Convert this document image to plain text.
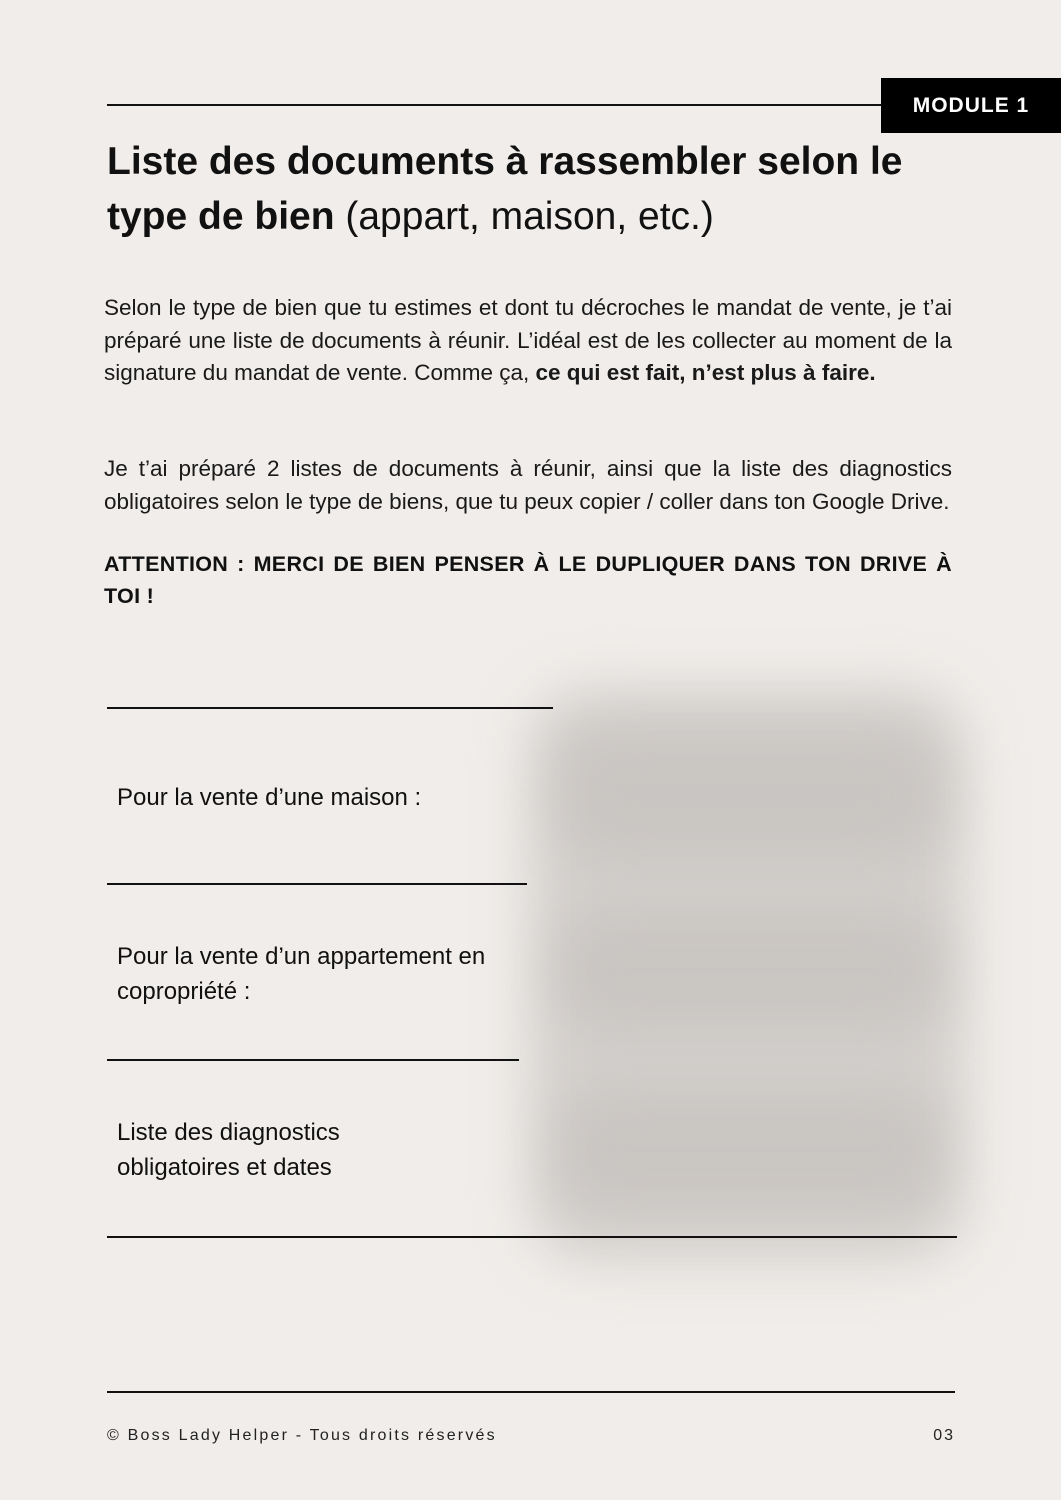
MODULE 1
Liste des documents à rassembler selon le type de bien (appart, maison, etc.)

Selon le type de bien que tu estimes et dont tu décroches le mandat de vente, je t’ai préparé une liste de documents à réunir. L’idéal est de les collecter au moment de la signature du mandat de vente. Comme ça, ce qui est fait, n’est plus à faire.

Je t’ai préparé 2 listes de documents à réunir, ainsi que la liste des diagnostics obligatoires selon le type de biens, que tu peux copier / coller dans ton Google Drive.

ATTENTION : MERCI DE BIEN PENSER À LE DUPLIQUER DANS TON DRIVE À TOI !

Pour la vente d’une maison :

Pour la vente d’un appartement en copropriété :

Liste des diagnostics obligatoires et dates

© Boss Lady Helper - Tous droits réservés	03
